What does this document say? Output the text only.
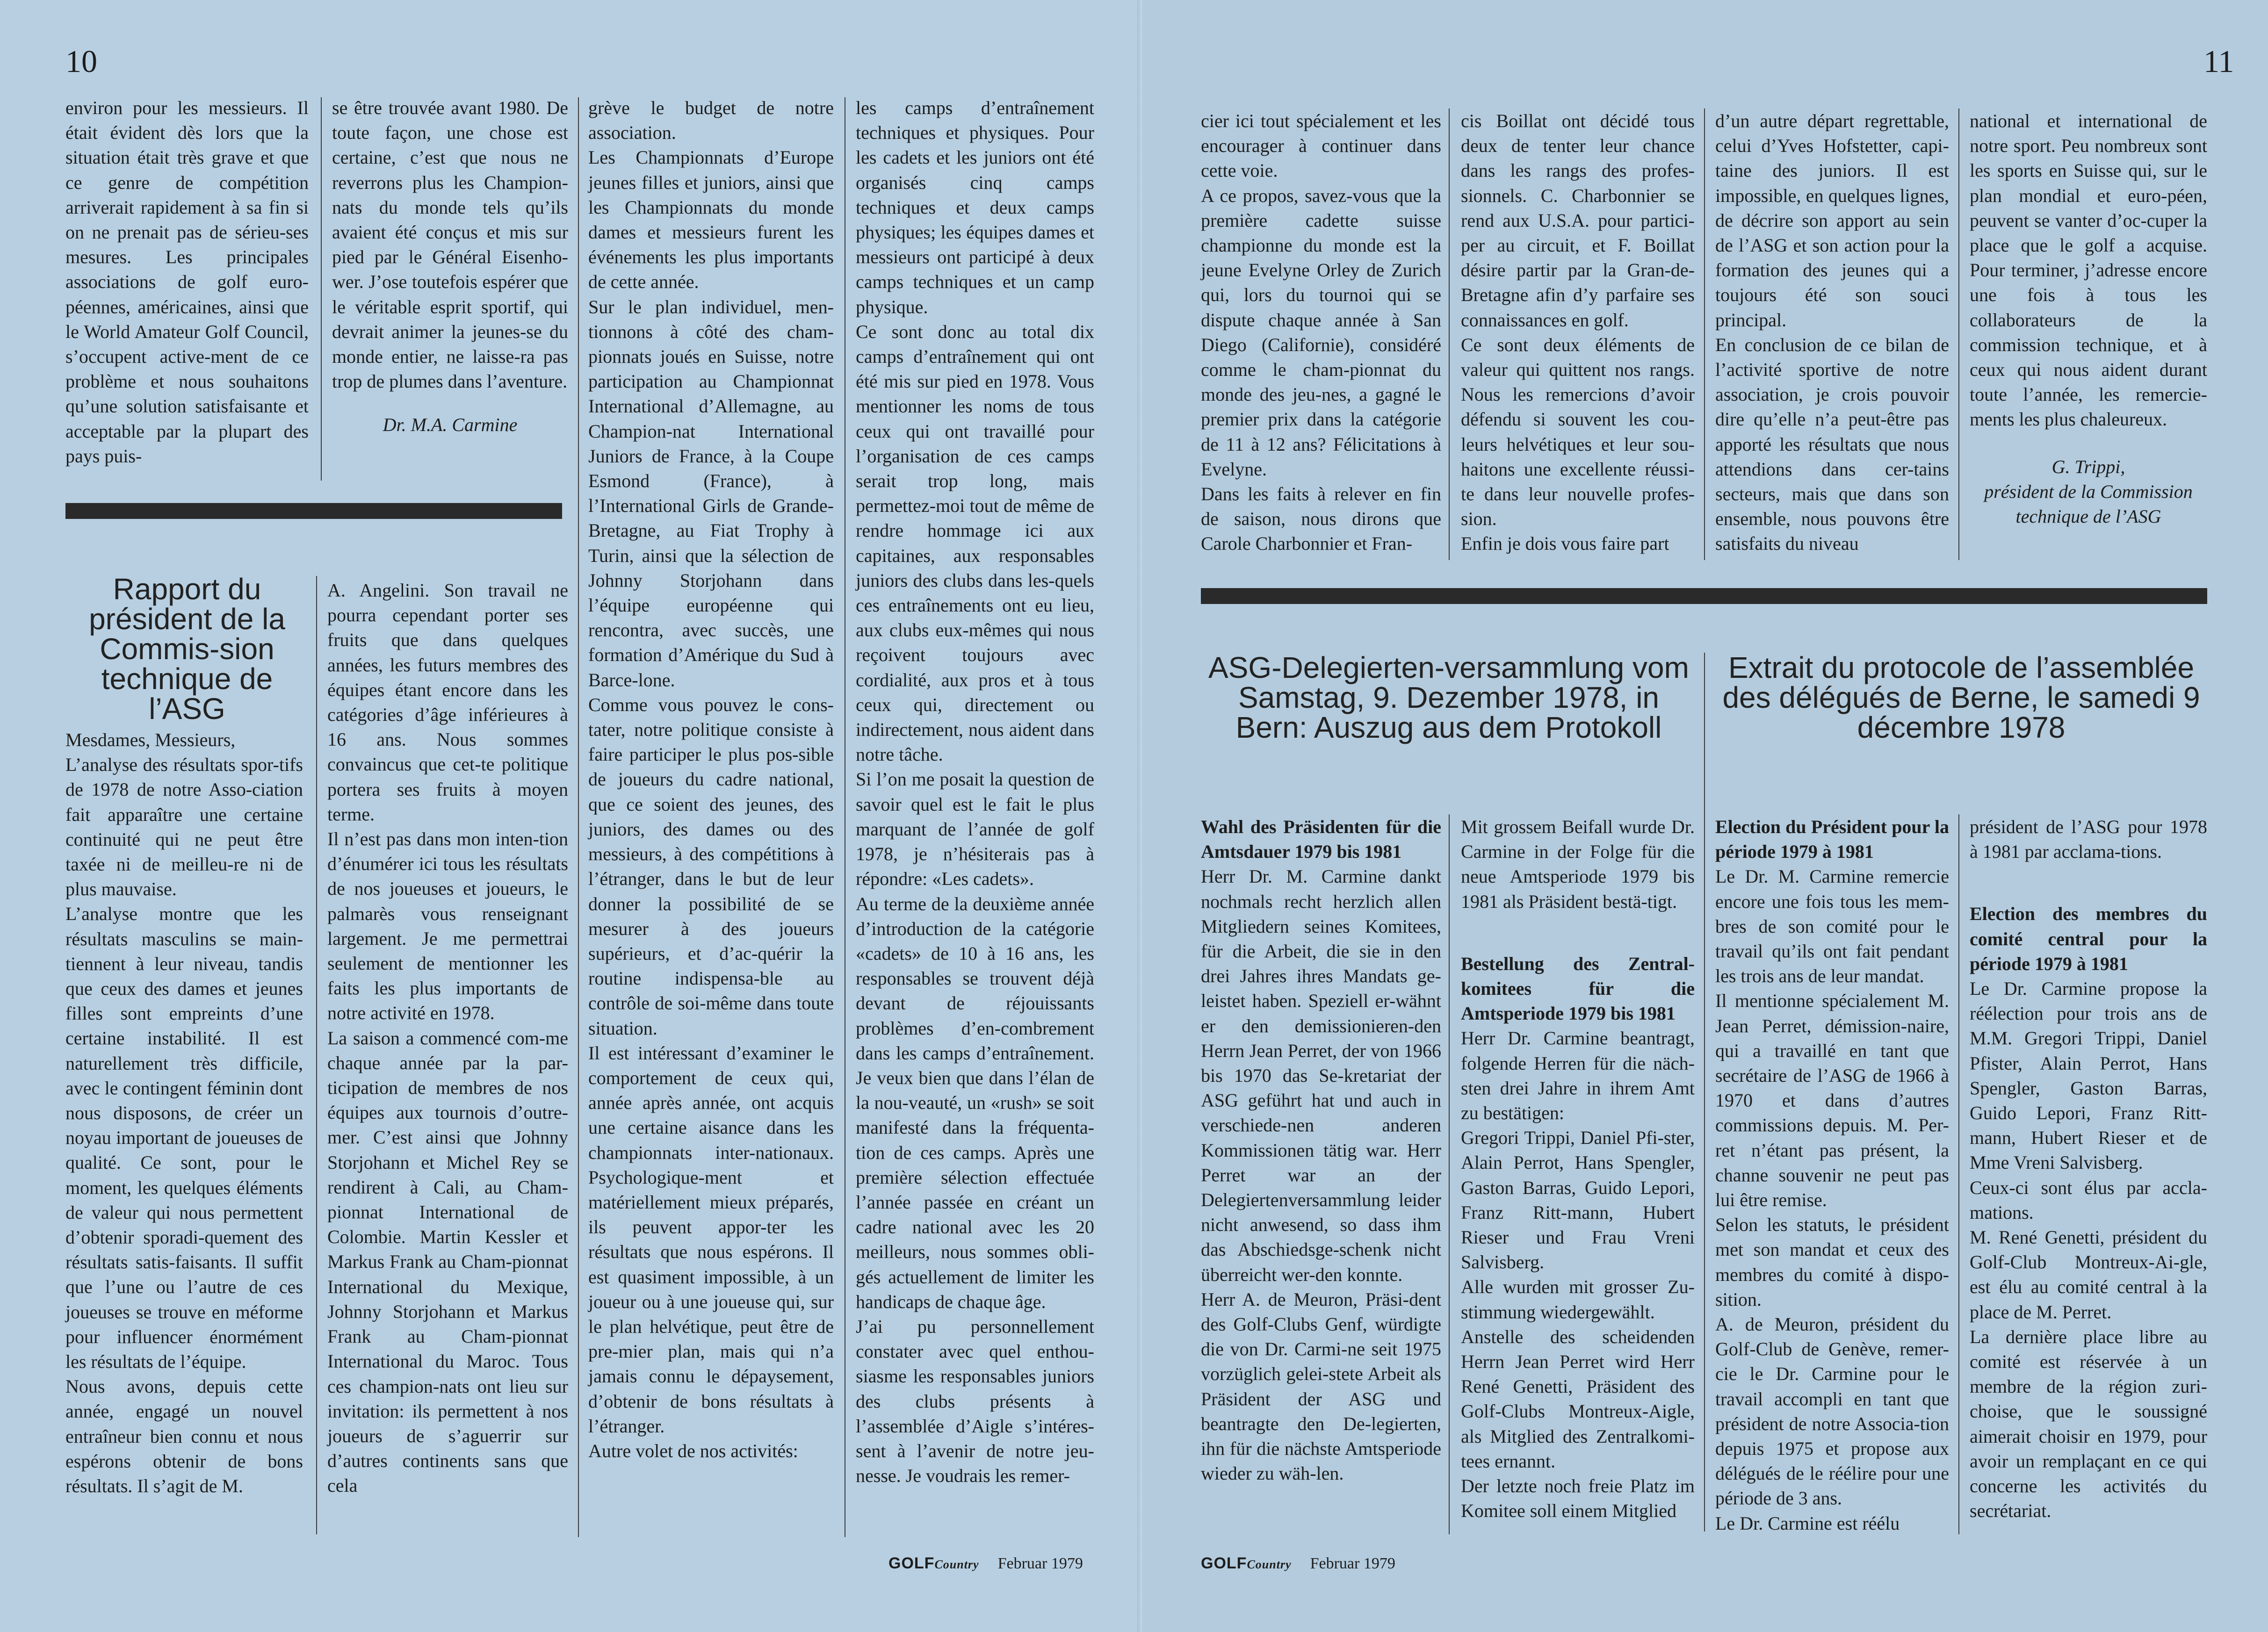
10

environ pour les messieurs. Il était évident dès lors que la situation était très grave et que ce genre de compétition arriverait rapidement à sa fin si on ne prenait pas de sérieu-ses mesures. Les principales associations de golf euro-péennes, américaines, ainsi que le World Amateur Golf Council, s’occupent active-ment de ce problème et nous souhaitons qu’une solution satisfaisante et acceptable par la plupart des pays puis-

se être trouvée avant 1980. De toute façon, une chose est certaine, c’est que nous ne reverrons plus les Champion-nats du monde tels qu’ils avaient été conçus et mis sur pied par le Général Eisenho-wer. J’ose toutefois espérer que le véritable esprit sportif, qui devrait animer la jeunes-se du monde entier, ne laisse-ra pas trop de plumes dans l’aventure.

Dr. M.A. Carmine

Rapport du président de la Commis-sion technique de l’ASG

Mesdames, Messieurs,

L’analyse des résultats spor-tifs de 1978 de notre Asso-ciation fait apparaître une certaine continuité qui ne peut être taxée ni de meilleu-re ni de plus mauvaise.

L’analyse montre que les résultats masculins se main-tiennent à leur niveau, tandis que ceux des dames et jeunes filles sont empreints d’une certaine instabilité. Il est naturellement très difficile, avec le contingent féminin dont nous disposons, de créer un noyau important de joueuses de qualité. Ce sont, pour le moment, les quelques éléments de valeur qui nous permettent d’obtenir sporadi-quement des résultats satis-faisants. Il suffit que l’une ou l’autre de ces joueuses se trouve en méforme pour influencer énormément les résultats de l’équipe.

Nous avons, depuis cette année, engagé un nouvel entraîneur bien connu et nous espérons obtenir de bons résultats. Il s’agit de M.

A. Angelini. Son travail ne pourra cependant porter ses fruits que dans quelques années, les futurs membres des équipes étant encore dans les catégories d’âge inférieures à 16 ans. Nous sommes convaincus que cet-te politique portera ses fruits à moyen terme.

Il n’est pas dans mon inten-tion d’énumérer ici tous les résultats de nos joueuses et joueurs, le palmarès vous renseignant largement. Je me permettrai seulement de mentionner les faits les plus importants de notre activité en 1978.

La saison a commencé com-me chaque année par la par-ticipation de membres de nos équipes aux tournois d’outre-mer. C’est ainsi que Johnny Storjohann et Michel Rey se rendirent à Cali, au Cham-pionnat International de Colombie. Martin Kessler et Markus Frank au Cham-pionnat International du Mexique, Johnny Storjohann et Markus Frank au Cham-pionnat International du Maroc. Tous ces champion-nats ont lieu sur invitation: ils permettent à nos joueurs de s’aguerrir sur d’autres continents sans que cela

grève le budget de notre association.

Les Championnats d’Europe jeunes filles et juniors, ainsi que les Championnats du monde dames et messieurs furent les événements les plus importants de cette année.

Sur le plan individuel, men-tionnons à côté des cham-pionnats joués en Suisse, notre participation au Championnat International d’Allemagne, au Champion-nat International Juniors de France, à la Coupe Esmond (France), à l’International Girls de Grande-Bretagne, au Fiat Trophy à Turin, ainsi que la sélection de Johnny Storjohann dans l’équipe européenne qui rencontra, avec succès, une formation d’Amérique du Sud à Barce-lone.

Comme vous pouvez le cons-tater, notre politique consiste à faire participer le plus pos-sible de joueurs du cadre national, que ce soient des jeunes, des juniors, des dames ou des messieurs, à des compétitions à l’étranger, dans le but de leur donner la possibilité de se mesurer à des joueurs supérieurs, et d’ac-quérir la routine indispensa-ble au contrôle de soi-même dans toute situation.

Il est intéressant d’examiner le comportement de ceux qui, année après année, ont acquis une certaine aisance dans les championnats inter-nationaux. Psychologique-ment et matériellement mieux préparés, ils peuvent appor-ter les résultats que nous espérons. Il est quasiment impossible, à un joueur ou à une joueuse qui, sur le plan helvétique, peut être de pre-mier plan, mais qui n’a jamais connu le dépaysement, d’obtenir de bons résultats à l’étranger.

Autre volet de nos activités:

les camps d’entraînement techniques et physiques. Pour les cadets et les juniors ont été organisés cinq camps techniques et deux camps physiques; les équipes dames et messieurs ont participé à deux camps techniques et un camp physique.

Ce sont donc au total dix camps d’entraînement qui ont été mis sur pied en 1978. Vous mentionner les noms de tous ceux qui ont travaillé pour l’organisation de ces camps serait trop long, mais permettez-moi tout de même de rendre hommage ici aux capitaines, aux responsables juniors des clubs dans les-quels ces entraînements ont eu lieu, aux clubs eux-mêmes qui nous reçoivent toujours avec cordialité, aux pros et à tous ceux qui, directement ou indirectement, nous aident dans notre tâche.

Si l’on me posait la question de savoir quel est le fait le plus marquant de l’année de golf 1978, je n’hésiterais pas à répondre: «Les cadets».

Au terme de la deuxième année d’introduction de la catégorie «cadets» de 10 à 16 ans, les responsables se trouvent déjà devant de réjouissants problèmes d’en-combrement dans les camps d’entraînement. Je veux bien que dans l’élan de la nou-veauté, un «rush» se soit manifesté dans la fréquenta-tion de ces camps. Après une première sélection effectuée l’année passée en créant un cadre national avec les 20 meilleurs, nous sommes obli-gés actuellement de limiter les handicaps de chaque âge.

J’ai pu personnellement constater avec quel enthou-siasme les responsables juniors des clubs présents à l’assemblée d’Aigle s’intéres-sent à l’avenir de notre jeu-nesse. Je voudrais les remer-

GOLFCountry Februar 1979
11

cier ici tout spécialement et les encourager à continuer dans cette voie.

A ce propos, savez-vous que la première cadette suisse championne du monde est la jeune Evelyne Orley de Zurich qui, lors du tournoi qui se dispute chaque année à San Diego (Californie), considéré comme le cham-pionnat du monde des jeu-nes, a gagné le premier prix dans la catégorie de 11 à 12 ans? Félicitations à Evelyne.

Dans les faits à relever en fin de saison, nous dirons que Carole Charbonnier et Fran-

cis Boillat ont décidé tous deux de tenter leur chance dans les rangs des profes-sionnels. C. Charbonnier se rend aux U.S.A. pour partici-per au circuit, et F. Boillat désire partir par la Gran-de-Bretagne afin d’y parfaire ses connaissances en golf.

Ce sont deux éléments de valeur qui quittent nos rangs. Nous les remercions d’avoir défendu si souvent les cou-leurs helvétiques et leur sou-haitons une excellente réussi-te dans leur nouvelle profes-sion.

Enfin je dois vous faire part

d’un autre départ regrettable, celui d’Yves Hofstetter, capi-taine des juniors. Il est impossible, en quelques lignes, de décrire son apport au sein de l’ASG et son action pour la formation des jeunes qui a toujours été son souci principal.

En conclusion de ce bilan de l’activité sportive de notre association, je crois pouvoir dire qu’elle n’a peut-être pas apporté les résultats que nous attendions dans cer-tains secteurs, mais que dans son ensemble, nous pouvons être satisfaits du niveau

national et international de notre sport. Peu nombreux sont les sports en Suisse qui, sur le plan mondial et euro-péen, peuvent se vanter d’oc-cuper la place que le golf a acquise. Pour terminer, j’adresse encore une fois à tous les collaborateurs de la commission technique, et à ceux qui nous aident durant toute l’année, les remercie-ments les plus chaleureux.

G. Trippi,

président de la Commission technique de l’ASG

ASG-Delegierten-versammlung vom Samstag, 9. Dezember 1978, in Bern: Auszug aus dem Protokoll
Extrait du protocole de l’assemblée des délégués de Berne, le samedi 9 décembre 1978

Wahl des Präsidenten für die Amtsdauer 1979 bis 1981

Herr Dr. M. Carmine dankt nochmals recht herzlich allen Mitgliedern seines Komitees, für die Arbeit, die sie in den drei Jahres ihres Mandats ge-leistet haben. Speziell er-wähnt er den demissionieren-den Herrn Jean Perret, der von 1966 bis 1970 das Se-kretariat der ASG geführt hat und auch in verschiede-nen anderen Kommissionen tätig war. Herr Perret war an der Delegiertenversammlung leider nicht anwesend, so dass ihm das Abschiedsge-schenk nicht überreicht wer-den konnte.

Herr A. de Meuron, Präsi-dent des Golf-Clubs Genf, würdigte die von Dr. Carmi-ne seit 1975 vorzüglich gelei-stete Arbeit als Präsident der ASG und beantragte den De-legierten, ihn für die nächste Amtsperiode wieder zu wäh-len.

Mit grossem Beifall wurde Dr. Carmine in der Folge für die neue Amtsperiode 1979 bis 1981 als Präsident bestä-tigt.

Bestellung des Zentral-komitees für die Amtsperiode 1979 bis 1981

Herr Dr. Carmine beantragt, folgende Herren für die näch-sten drei Jahre in ihrem Amt zu bestätigen:

Gregori Trippi, Daniel Pfi-ster, Alain Perrot, Hans Spengler, Gaston Barras, Guido Lepori, Franz Ritt-mann, Hubert Rieser und Frau Vreni Salvisberg.

Alle wurden mit grosser Zu-stimmung wiedergewählt.

Anstelle des scheidenden Herrn Jean Perret wird Herr René Genetti, Präsident des Golf-Clubs Montreux-Aigle, als Mitglied des Zentralkomi-tees ernannt.

Der letzte noch freie Platz im Komitee soll einem Mitglied

Election du Président pour la période 1979 à 1981

Le Dr. M. Carmine remercie encore une fois tous les mem-bres de son comité pour le travail qu’ils ont fait pendant les trois ans de leur mandat.

Il mentionne spécialement M. Jean Perret, démission-naire, qui a travaillé en tant que secrétaire de l’ASG de 1966 à 1970 et dans d’autres commissions depuis. M. Per-ret n’étant pas présent, la channe souvenir ne peut pas lui être remise.

Selon les statuts, le président met son mandat et ceux des membres du comité à dispo-sition.

A. de Meuron, président du Golf-Club de Genève, remer-cie le Dr. Carmine pour le travail accompli en tant que président de notre Associa-tion depuis 1975 et propose aux délégués de le réélire pour une période de 3 ans.

Le Dr. Carmine est réélu

président de l’ASG pour 1978 à 1981 par acclama-tions.

Election des membres du comité central pour la période 1979 à 1981

Le Dr. Carmine propose la réélection pour trois ans de M.M. Gregori Trippi, Daniel Pfister, Alain Perrot, Hans Spengler, Gaston Barras, Guido Lepori, Franz Ritt-mann, Hubert Rieser et de Mme Vreni Salvisberg.

Ceux-ci sont élus par accla-mations.

M. René Genetti, président du Golf-Club Montreux-Ai-gle, est élu au comité central à la place de M. Perret.

La dernière place libre au comité est réservée à un membre de la région zuri-choise, que le soussigné aimerait choisir en 1979, pour avoir un remplaçant en ce qui concerne les activités du secrétariat.

GOLFCountry Februar 1979
